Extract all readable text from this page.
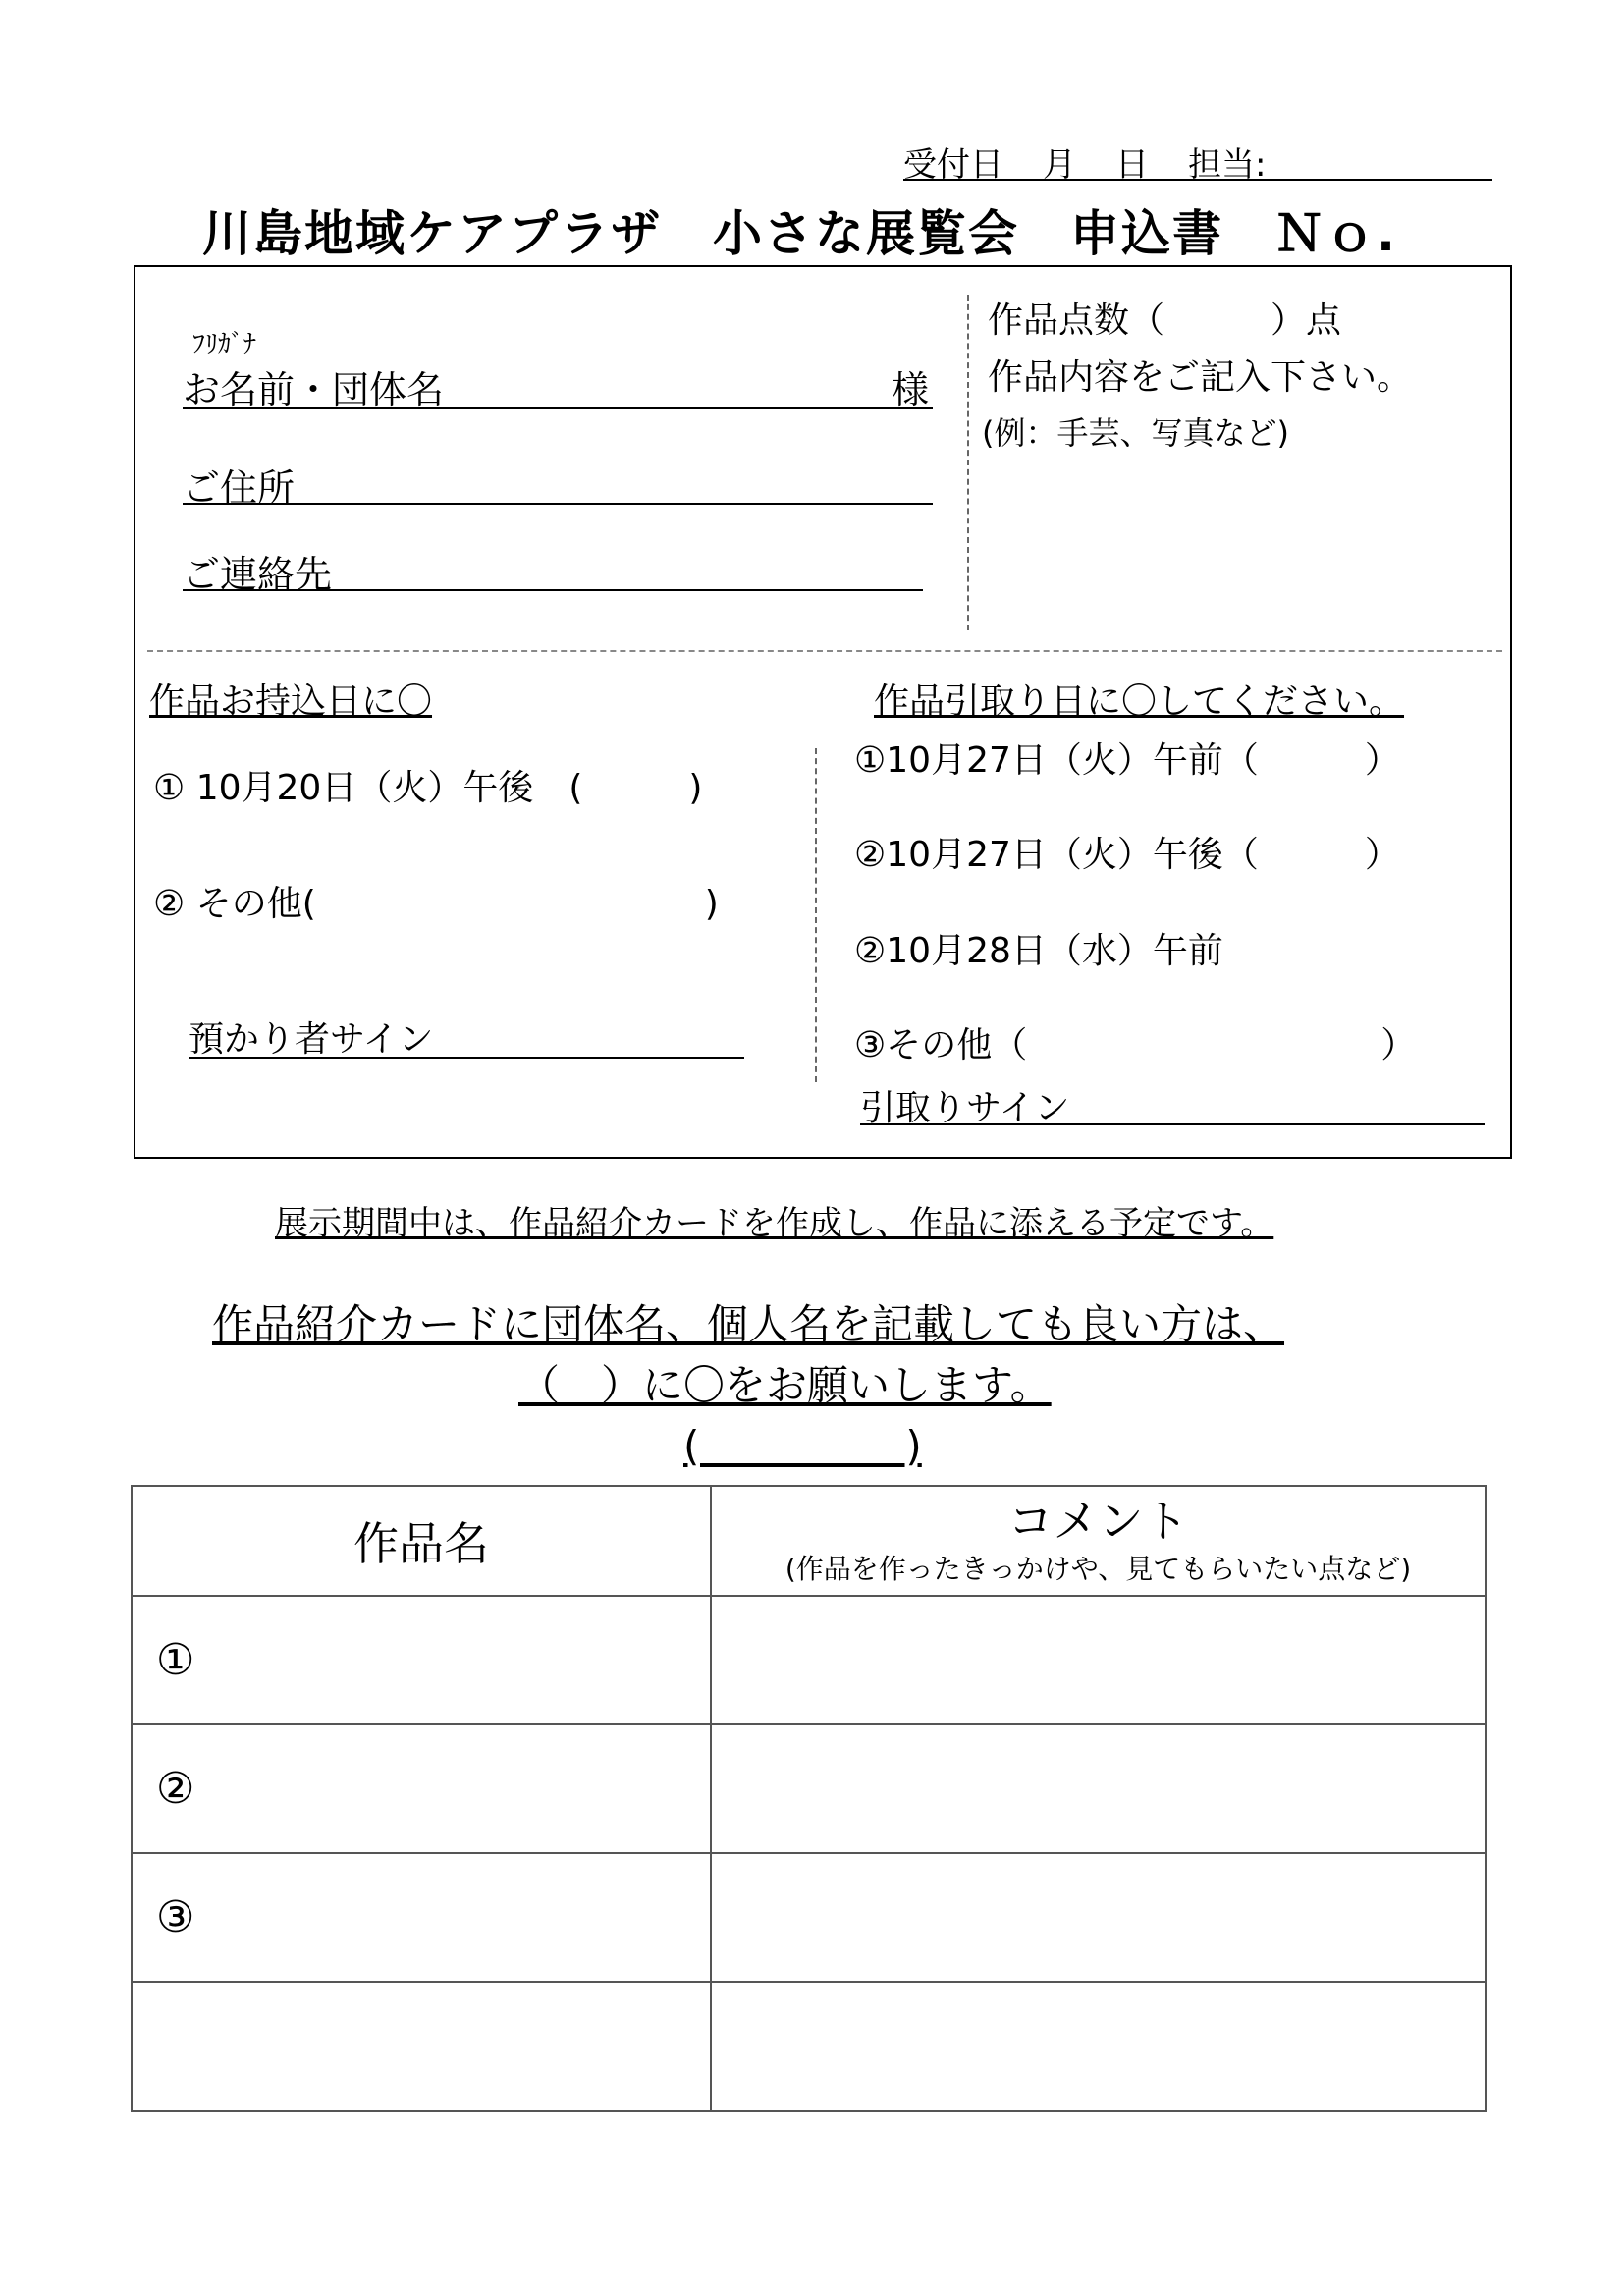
受付日 月 日 担当:
川島地域ケアプラザ　小さな展覧会　申込書　Ｎｏ.
ﾌﾘｶﾞﾅ
お名前・団体名	様
ご住所
ご連絡先
作品点数（　　　）点
作品内容をご記入下さい。
(例：手芸、写真など)
作品お持込日に〇
① 10月20日（火）午後　(　　　)
② その他(　　　　　　　　　　　)
預かり者サイン
作品引取り日に〇してください。
①10月27日（火）午前（　　　）
②10月27日（火）午後（　　　）
②10月28日（水）午前
③その他（　　　　　　　　　　）
引取りサイン
展示期間中は、作品紹介カードを作成し、作品に添える予定です。
作品紹介カードに団体名、個人名を記載しても良い方は、
（　）に〇をお願いします。
(　　　　　)
作品名	コメント
(作品を作ったきっかけや、見てもらいたい点など)

①	
②	
③	
